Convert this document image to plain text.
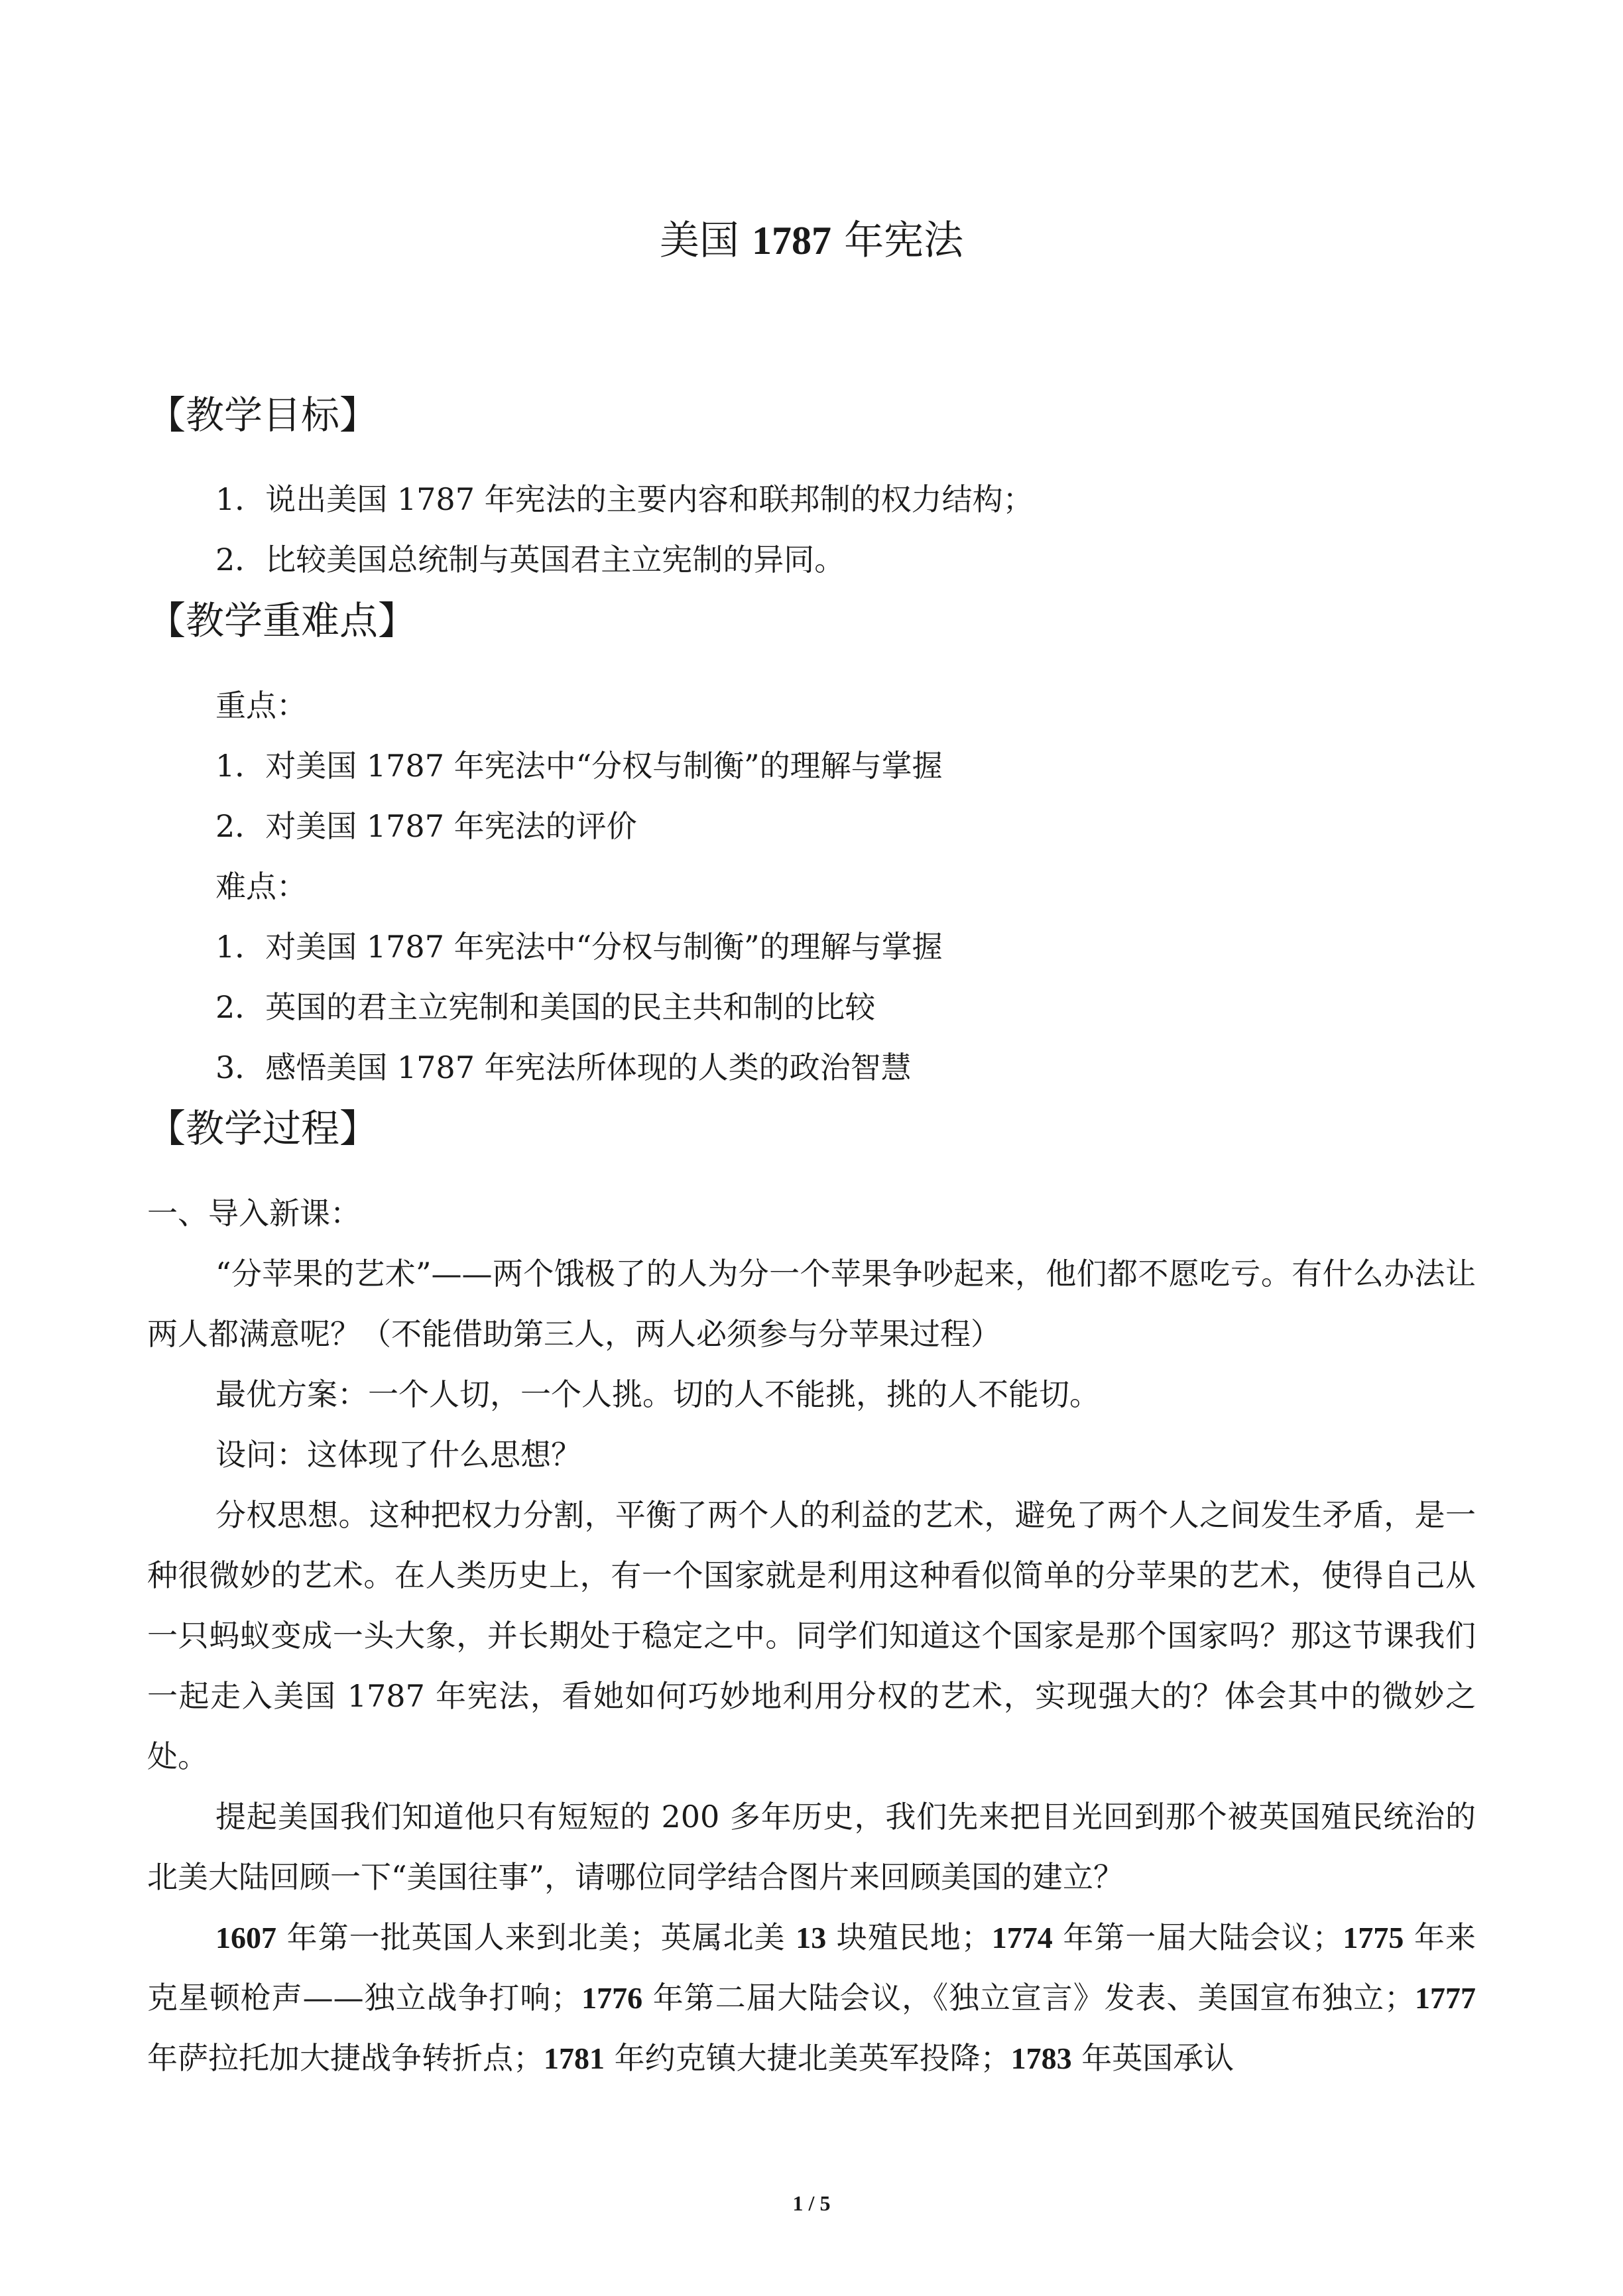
美国 1787 年宪法
【教学目标】
1．说出美国 1787 年宪法的主要内容和联邦制的权力结构；
2．比较美国总统制与英国君主立宪制的异同。
【教学重难点】
重点：
1．对美国 1787 年宪法中“分权与制衡”的理解与掌握
2．对美国 1787 年宪法的评价
难点：
1．对美国 1787 年宪法中“分权与制衡”的理解与掌握
2．英国的君主立宪制和美国的民主共和制的比较
3．感悟美国 1787 年宪法所体现的人类的政治智慧
【教学过程】
一、导入新课：

“分苹果的艺术”——两个饿极了的人为分一个苹果争吵起来，他们都不愿吃亏。有什么办法让两人都满意呢？（不能借助第三人，两人必须参与分苹果过程）

最优方案：一个人切，一个人挑。切的人不能挑，挑的人不能切。

设问：这体现了什么思想？

分权思想。这种把权力分割，平衡了两个人的利益的艺术，避免了两个人之间发生矛盾，是一种很微妙的艺术。在人类历史上，有一个国家就是利用这种看似简单的分苹果的艺术，使得自己从一只蚂蚁变成一头大象，并长期处于稳定之中。同学们知道这个国家是那个国家吗？那这节课我们一起走入美国 1787 年宪法，看她如何巧妙地利用分权的艺术，实现强大的？体会其中的微妙之处。

提起美国我们知道他只有短短的 200 多年历史，我们先来把目光回到那个被英国殖民统治的北美大陆回顾一下“美国往事”，请哪位同学结合图片来回顾美国的建立？

1607 年第一批英国人来到北美；英属北美 13 块殖民地；1774 年第一届大陆会议；1775 年来克星顿枪声——独立战争打响；1776 年第二届大陆会议，《独立宣言》发表、美国宣布独立；1777 年萨拉托加大捷战争转折点；1781 年约克镇大捷北美英军投降；1783 年英国承认

1 / 5
